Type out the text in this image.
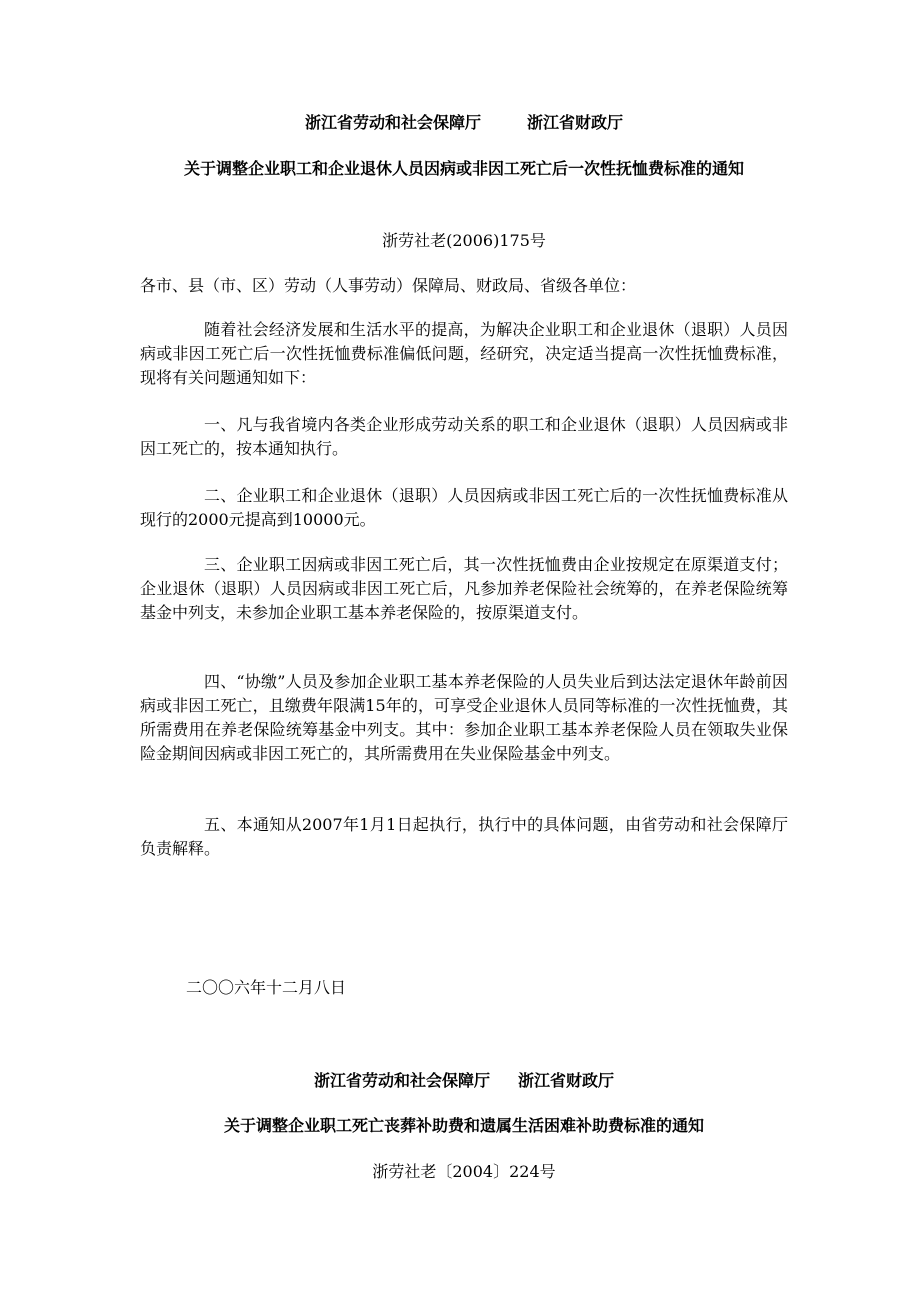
浙江省劳动和社会保障厅	浙江省财政厅
关于调整企业职工和企业退休人员因病或非因工死亡后一次性抚恤费标准的通知
浙劳社老(2006)175号

各市、县（市、区）劳动（人事劳动）保障局、财政局、省级各单位：

随着社会经济发展和生活水平的提高，为解决企业职工和企业退休（退职）人员因病或非因工死亡后一次性抚恤费标准偏低问题，经研究，决定适当提高一次性抚恤费标准，现将有关问题通知如下：

一、凡与我省境内各类企业形成劳动关系的职工和企业退休（退职）人员因病或非因工死亡的，按本通知执行。

二、企业职工和企业退休（退职）人员因病或非因工死亡后的一次性抚恤费标准从现行的2000元提高到10000元。

三、企业职工因病或非因工死亡后，其一次性抚恤费由企业按规定在原渠道支付；企业退休（退职）人员因病或非因工死亡后，凡参加养老保险社会统筹的，在养老保险统筹基金中列支，未参加企业职工基本养老保险的，按原渠道支付。

四、“协缴”人员及参加企业职工基本养老保险的人员失业后到达法定退休年龄前因病或非因工死亡，且缴费年限满15年的，可享受企业退休人员同等标准的一次性抚恤费，其所需费用在养老保险统筹基金中列支。其中：参加企业职工基本养老保险人员在领取失业保险金期间因病或非因工死亡的，其所需费用在失业保险基金中列支。

五、本通知从2007年1月1日起执行，执行中的具体问题，由省劳动和社会保障厅负责解释。

二〇〇六年十二月八日
浙江省劳动和社会保障厅 浙江省财政厅
关于调整企业职工死亡丧葬补助费和遗属生活困难补助费标准的通知
浙劳社老〔2004〕224号
